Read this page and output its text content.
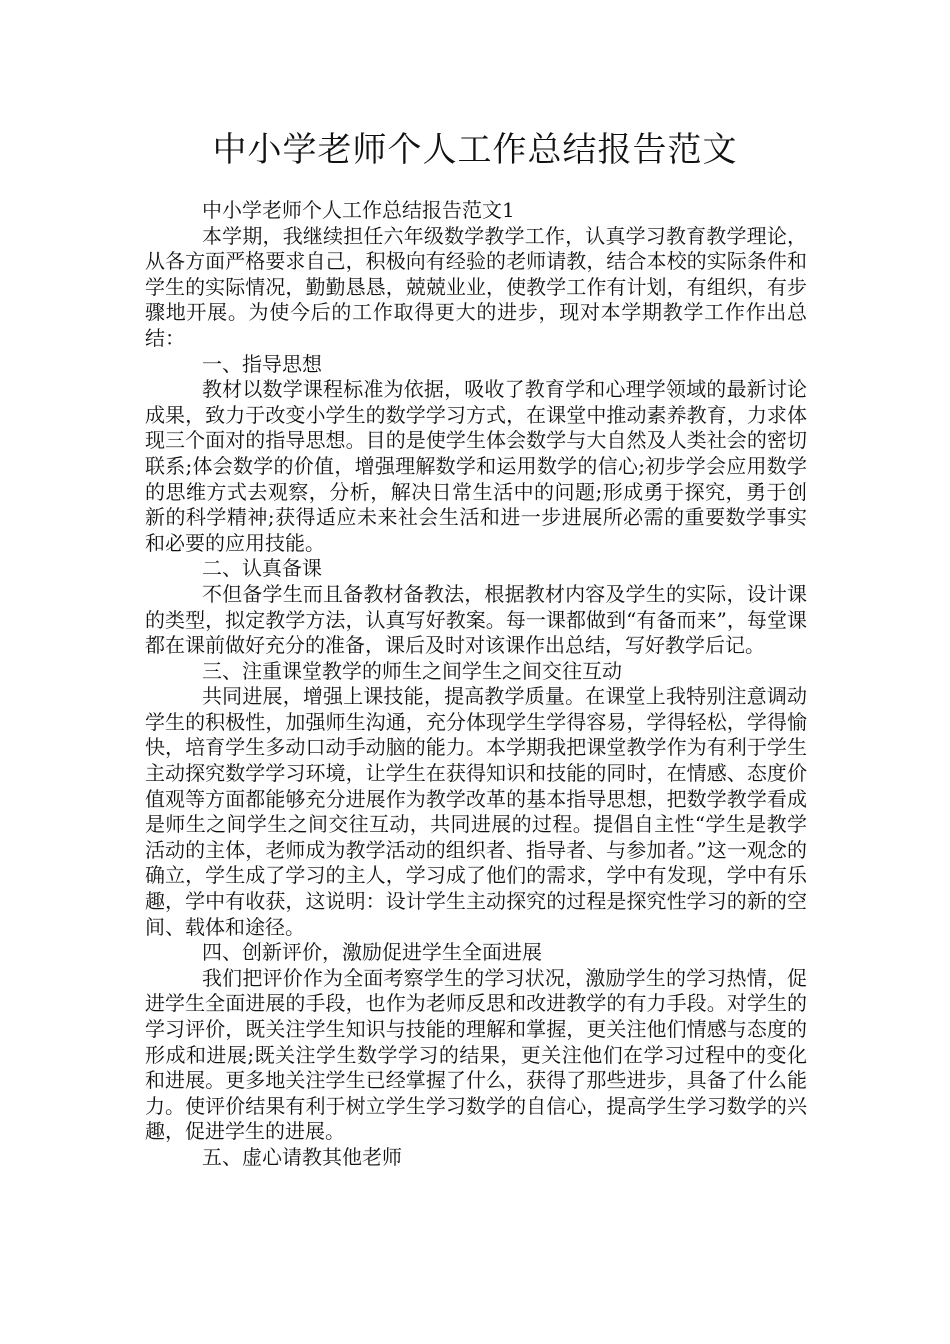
中小学老师个人工作总结报告范文

中小学老师个人工作总结报告范文1

本学期，我继续担任六年级数学教学工作，认真学习教育教学理论，从各方面严格要求自己，积极向有经验的老师请教，结合本校的实际条件和学生的实际情况，勤勤恳恳，兢兢业业，使教学工作有计划，有组织，有步骤地开展。为使今后的工作取得更大的进步，现对本学期教学工作作出总结：

一、指导思想

教材以数学课程标准为依据，吸收了教育学和心理学领域的最新讨论成果，致力于改变小学生的数学学习方式，在课堂中推动素养教育，力求体现三个面对的指导思想。目的是使学生体会数学与大自然及人类社会的密切联系;体会数学的价值，增强理解数学和运用数学的信心;初步学会应用数学的思维方式去观察，分析，解决日常生活中的问题;形成勇于探究，勇于创新的科学精神;获得适应未来社会生活和进一步进展所必需的重要数学事实和必要的应用技能。

二、认真备课

不但备学生而且备教材备教法，根据教材内容及学生的实际，设计课的类型，拟定教学方法，认真写好教案。每一课都做到“有备而来”，每堂课都在课前做好充分的准备，课后及时对该课作出总结，写好教学后记。

三、注重课堂教学的师生之间学生之间交往互动

共同进展，增强上课技能，提高教学质量。在课堂上我特别注意调动学生的积极性，加强师生沟通，充分体现学生学得容易，学得轻松，学得愉快，培育学生多动口动手动脑的能力。本学期我把课堂教学作为有利于学生主动探究数学学习环境，让学生在获得知识和技能的同时，在情感、态度价值观等方面都能够充分进展作为教学改革的基本指导思想，把数学教学看成是师生之间学生之间交往互动，共同进展的过程。提倡自主性“学生是教学活动的主体，老师成为教学活动的组织者、指导者、与参加者。”这一观念的确立，学生成了学习的主人，学习成了他们的需求，学中有发现，学中有乐趣，学中有收获，这说明：设计学生主动探究的过程是探究性学习的新的空间、载体和途径。

四、创新评价，激励促进学生全面进展

我们把评价作为全面考察学生的学习状况，激励学生的学习热情，促进学生全面进展的手段，也作为老师反思和改进教学的有力手段。对学生的学习评价，既关注学生知识与技能的理解和掌握，更关注他们情感与态度的形成和进展;既关注学生数学学习的结果，更关注他们在学习过程中的变化和进展。更多地关注学生已经掌握了什么，获得了那些进步，具备了什么能力。使评价结果有利于树立学生学习数学的自信心，提高学生学习数学的兴趣，促进学生的进展。

五、虚心请教其他老师
